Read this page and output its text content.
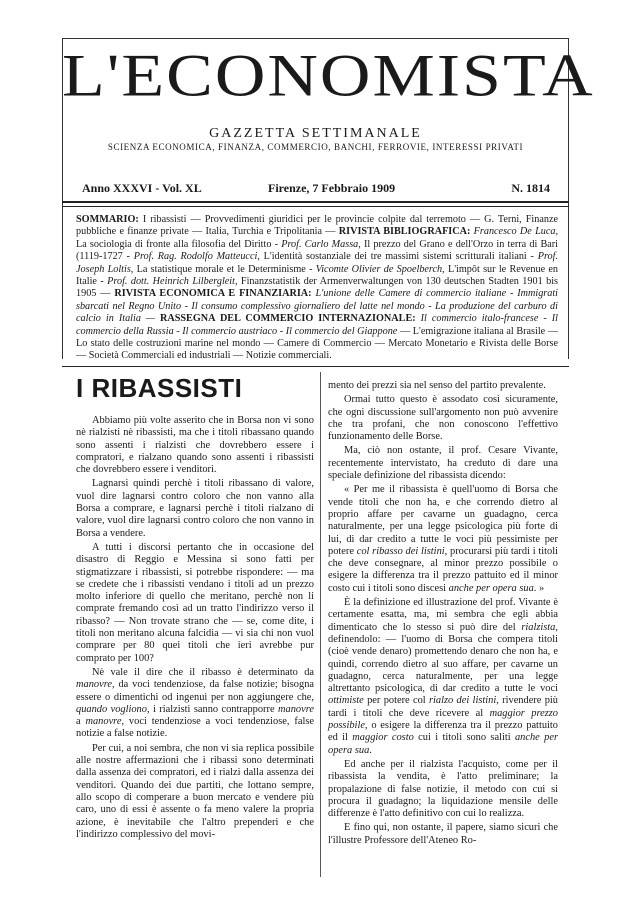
L'ECONOMISTA
GAZZETTA SETTIMANALE
SCIENZA ECONOMICA, FINANZA, COMMERCIO, BANCHI, FERROVIE, INTERESSI PRIVATI
Anno XXXVI - Vol. XL	Firenze, 7 Febbraio 1909	N. 1814
SOMMARIO: I ribassisti — Provvedimenti giuridici per le provincie colpite dal terremoto — G. Terni, Finanze pubbliche e finanze private — Italia, Turchia e Tripolitania — RIVISTA BIBLIOGRAFICA: Francesco De Luca, La sociologia di fronte alla filosofia del Diritto - Prof. Carlo Massa, Il prezzo del Grano e dell'Orzo in terra di Bari (1119-1727 - Prof. Rag. Rodolfo Matteucci, L'identità sostanziale dei tre massimi sistemi scritturali italiani - Prof. Joseph Loltis, La statistique morale et le Determinisme - Vicomte Olivier de Spoelberch, L'impôt sur le Revenue en Italie - Prof. dott. Heinrich Lilbergleit, Finanzstatistik der Armenverwaltungen von 130 deutschen Stadten 1901 bis 1905 — RIVISTA ECONOMICA E FINANZIARIA: L'unione delle Camere di commercio italiane - Immigrati sbarcati nel Regno Unito - Il consumo complessivo giornaliero del latte nel mondo - La produzione del carburo di calcio in Italia — RASSEGNA DEL COMMERCIO INTERNAZIONALE: Il commercio italo-francese - Il commercio della Russia - Il commercio austriaco - Il commercio del Giappone — L'emigrazione italiana al Brasile — Lo stato delle costruzioni marine nel mondo — Camere di Commercio — Mercato Monetario e Rivista delle Borse — Società Commerciali ed industriali — Notizie commerciali.
I RIBASSISTI

Abbiamo più volte asserito che in Borsa non vi sono nè rialzisti nè ribassisti, ma che i titoli ribassano quando sono assenti i rialzisti che dovrebbero essere i compratori, e rialzano quando sono assenti i ribassisti che dovrebbero essere i venditori.

Lagnarsi quindi perchè i titoli ribassano di valore, vuol dire lagnarsi contro coloro che non vanno alla Borsa a comprare, e lagnarsi perchè i titoli rialzano di valore, vuol dire lagnarsi contro coloro che non vanno in Borsa a vendere.

A tutti i discorsi pertanto che in occasione del disastro di Reggio e Messina si sono fatti per stigmatizzare i ribassisti, si potrebbe rispondere: — ma se credete che i ribassisti vendano i titoli ad un prezzo molto inferiore di quello che meritano, perchè non li comprate fremando così ad un tratto l'indirizzo verso il ribasso? — Non trovate strano che — se, come dite, i titoli non meritano alcuna falcidia — vi sia chi non vuol comprare per 80 quei titoli che ieri avrebbe pur comprato per 100?

Nè vale il dire che il ribasso è determinato da manovre, da voci tendenziose, da false notizie; bisogna essere o dimentichi od ingenui per non aggiungere che, quando vogliono, i rialzisti sanno contrapporre manovre a manovre, voci tendenziose a voci tendenziose, false notizie a false notizie.

Per cui, a noi sembra, che non vi sia replica possibile alle nostre affermazioni che i ribassi sono determinati dalla assenza dei compratori, ed i rialzi dalla assenza dei venditori. Quando dei due partiti, che lottano sempre, allo scopo di comperare a buon mercato e vendere più caro, uno di essi è assente o fa meno valere la propria azione, è inevitabile che l'altro prependeri e che l'indirizzo complessivo del movi-

mento dei prezzi sia nel senso del partito prevalente.

Ormai tutto questo è assodato così sicuramente, che ogni discussione sull'argomento non può avvenire che tra profani, che non conoscono l'effettivo funzionamento delle Borse.

Ma, ciò non ostante, il prof. Cesare Vivante, recentemente intervistato, ha creduto di dare una speciale definizione del ribassista dicendo:

« Per me il ribassista è quell'uomo di Borsa che vende titoli che non ha, e che correndo dietro al proprio affare per cavarne un guadagno, cerca naturalmente, per una legge psicologica più forte di lui, di dar credito a tutte le voci più pessimiste per potere col ribasso dei listini, procurarsi più tardi i titoli che deve consegnare, al minor prezzo possibile o esigere la differenza tra il prezzo pattuito ed il minor costo cui i titoli sono discesi anche per opera sua. »

È la definizione ed illustrazione del prof. Vivante è certamente esatta, ma, mi sembra che egli abbia dimenticato che lo stesso si può dire del rialzista, definendolo: — l'uomo di Borsa che compera titoli (cioè vende denaro) promettendo denaro che non ha, e quindi, correndo dietro al suo affare, per cavarne un guadagno, cerca naturalmente, per una legge altrettanto psicologica, di dar credito a tutte le voci ottimiste per potere col rialzo dei listini, rivendere più tardi i titoli che deve ricevere al maggior prezzo possibile, o esigere la differenza tra il prezzo pattuito ed il maggior costo cui i titoli sono saliti anche per opera sua.

Ed anche per il rialzista l'acquisto, come per il ribassista la vendita, è l'atto preliminare; la propalazione di false notizie, il metodo con cui si procura il guadagno; la liquidazione mensile delle differenze è l'atto definitivo con cui lo realizza.

E fino qui, non ostante, il papere, siamo sicuri che l'illustre Professore dell'Ateneo Ro-
